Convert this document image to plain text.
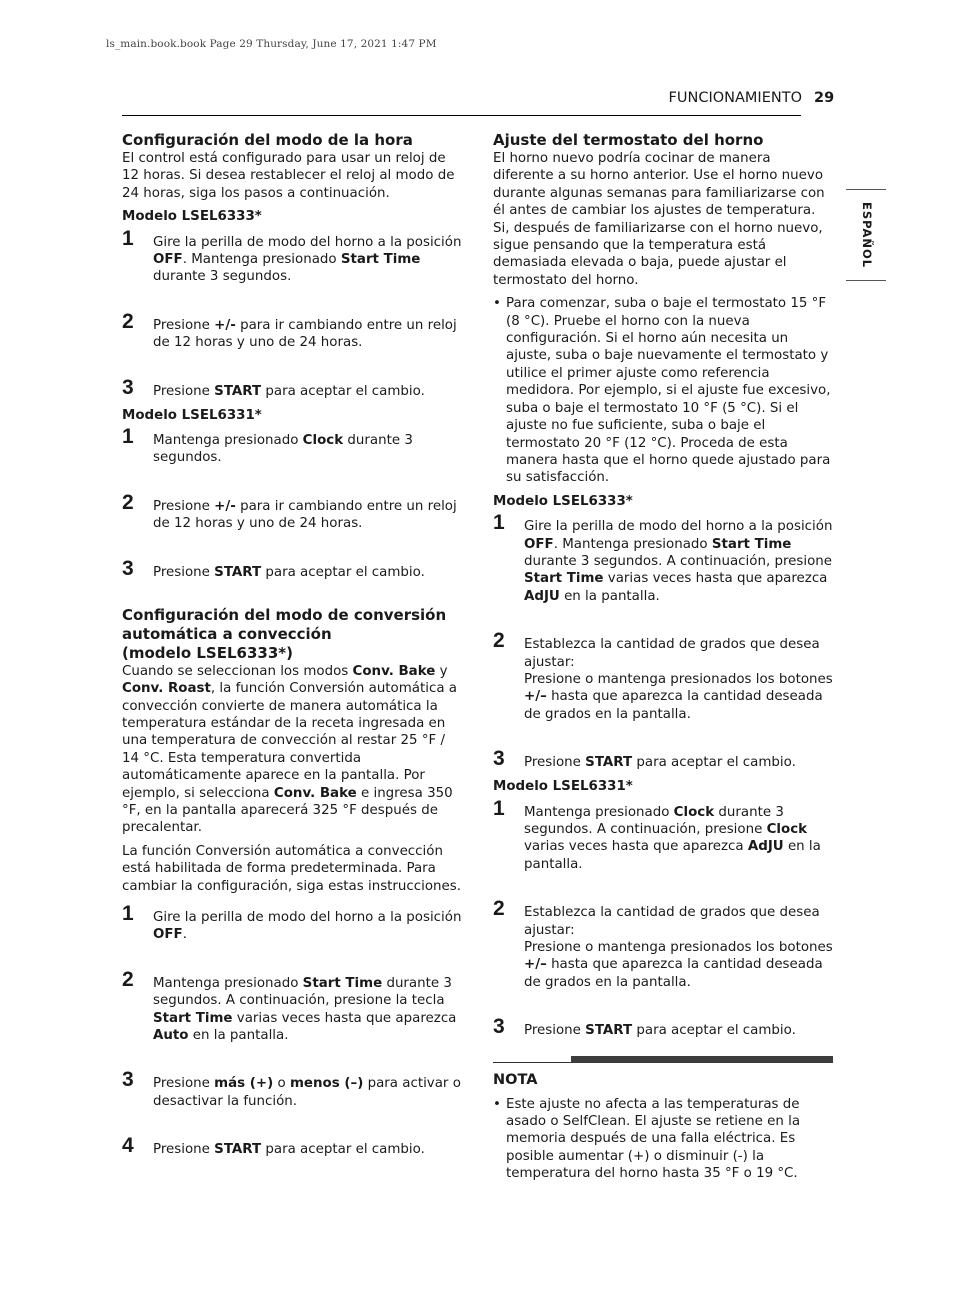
ls_main.book.book Page 29 Thursday, June 17, 2021 1:47 PM
FUNCIONAMIENTO 29
ESPAÑOL
Configuración del modo de la hora

El control está configurado para usar un reloj de 12 horas. Si desea restablecer el reloj al modo de 24 horas, siga los pasos a continuación.

Modelo LSEL6333*

1 Gire la perilla de modo del horno a la posición OFF. Mantenga presionado Start Time durante 3 segundos.
2 Presione +/- para ir cambiando entre un reloj de 12 horas y uno de 24 horas.
3 Presione START para aceptar el cambio.

Modelo LSEL6331*

1 Mantenga presionado Clock durante 3 segundos.
2 Presione +/- para ir cambiando entre un reloj de 12 horas y uno de 24 horas.
3 Presione START para aceptar el cambio.
Configuración del modo de conversión
automática a convección
(modelo LSEL6333*)

Cuando se seleccionan los modos Conv. Bake y Conv. Roast, la función Conversión automática a convección convierte de manera automática la temperatura estándar de la receta ingresada en una temperatura de convección al restar 25 °F / 14 °C. Esta temperatura convertida automáticamente aparece en la pantalla. Por ejemplo, si selecciona Conv. Bake e ingresa 350 °F, en la pantalla aparecerá 325 °F después de precalentar.

La función Conversión automática a convección está habilitada de forma predeterminada. Para cambiar la configuración, siga estas instrucciones.

1 Gire la perilla de modo del horno a la posición OFF.
2 Mantenga presionado Start Time durante 3 segundos. A continuación, presione la tecla Start Time varias veces hasta que aparezca Auto en la pantalla.
3 Presione más (+) o menos (–) para activar o desactivar la función.
4 Presione START para aceptar el cambio.
Ajuste del termostato del horno

El horno nuevo podría cocinar de manera diferente a su horno anterior. Use el horno nuevo durante algunas semanas para familiarizarse con él antes de cambiar los ajustes de temperatura. Si, después de familiarizarse con el horno nuevo, sigue pensando que la temperatura está demasiada elevada o baja, puede ajustar el termostato del horno.

• Para comenzar, suba o baje el termostato 15 °F (8 °C). Pruebe el horno con la nueva configuración. Si el horno aún necesita un ajuste, suba o baje nuevamente el termostato y utilice el primer ajuste como referencia medidora. Por ejemplo, si el ajuste fue excesivo, suba o baje el termostato 10 °F (5 °C). Si el ajuste no fue suficiente, suba o baje el termostato 20 °F (12 °C). Proceda de esta manera hasta que el horno quede ajustado para su satisfacción.

Modelo LSEL6333*

1 Gire la perilla de modo del horno a la posición OFF. Mantenga presionado Start Time durante 3 segundos. A continuación, presione Start Time varias veces hasta que aparezca AdJU en la pantalla.
2 Establezca la cantidad de grados que desea ajustar:
Presione o mantenga presionados los botones +/– hasta que aparezca la cantidad deseada de grados en la pantalla.
3 Presione START para aceptar el cambio.

Modelo LSEL6331*

1 Mantenga presionado Clock durante 3 segundos. A continuación, presione Clock varias veces hasta que aparezca AdJU en la pantalla.
2 Establezca la cantidad de grados que desea ajustar:
Presione o mantenga presionados los botones +/– hasta que aparezca la cantidad deseada de grados en la pantalla.
3 Presione START para aceptar el cambio.

NOTA

• Este ajuste no afecta a las temperaturas de asado o SelfClean. El ajuste se retiene en la memoria después de una falla eléctrica. Es posible aumentar (+) o disminuir (-) la temperatura del horno hasta 35 °F o 19 °C.
